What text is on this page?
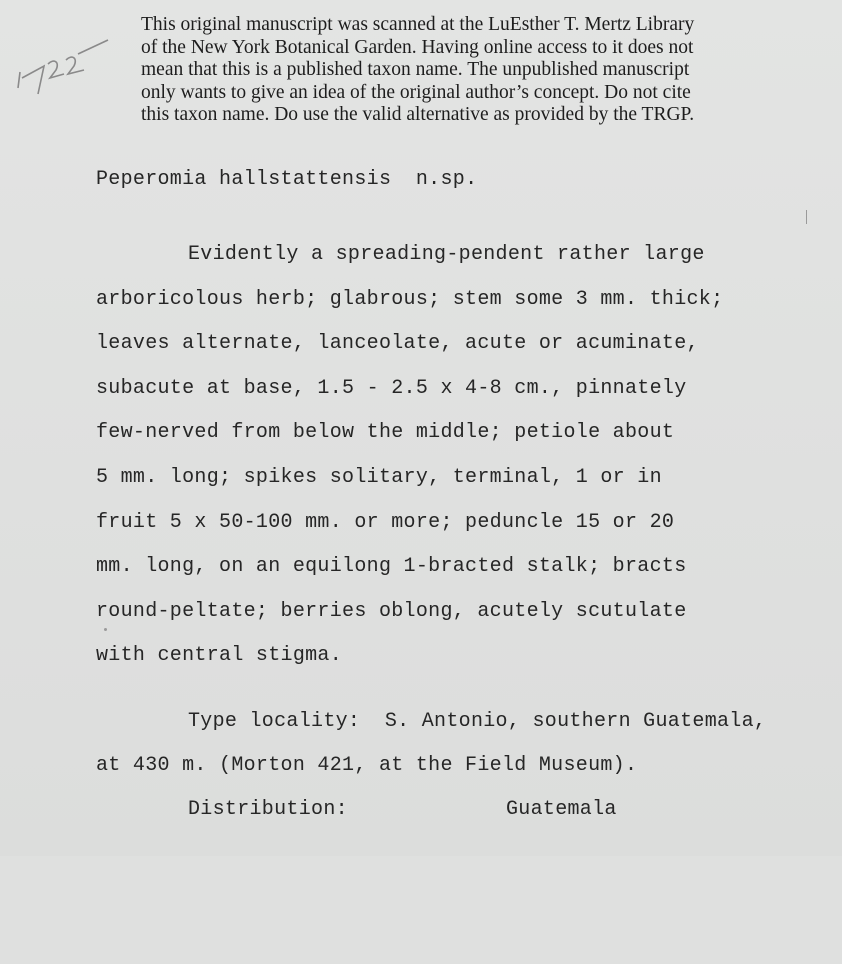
This original manuscript was scanned at the LuEsther T. Mertz Library
of the New York Botanical Garden. Having online access to it does not
mean that this is a published taxon name. The unpublished manuscript
only wants to give an idea of the original author’s concept. Do not cite
this taxon name. Do use the valid alternative as provided by the TRGP.
Peperomia hallstattensis n.sp.
Evidently a spreading-pendent rather large
arboricolous herb; glabrous; stem some 3 mm. thick;
leaves alternate, lanceolate, acute or acuminate,
subacute at base, 1.5 - 2.5 x 4-8 cm., pinnately
few-nerved from below the middle; petiole about
5 mm. long; spikes solitary, terminal, 1 or in
fruit 5 x 50-100 mm. or more; peduncle 15 or 20
mm. long, on an equilong 1-bracted stalk; bracts
round-peltate; berries oblong, acutely scutulate
with central stigma.
Type locality: S. Antonio, southern Guatemala,
at 430 m. (Morton 421, at the Field Museum).

Distribution:

	Guatemala
